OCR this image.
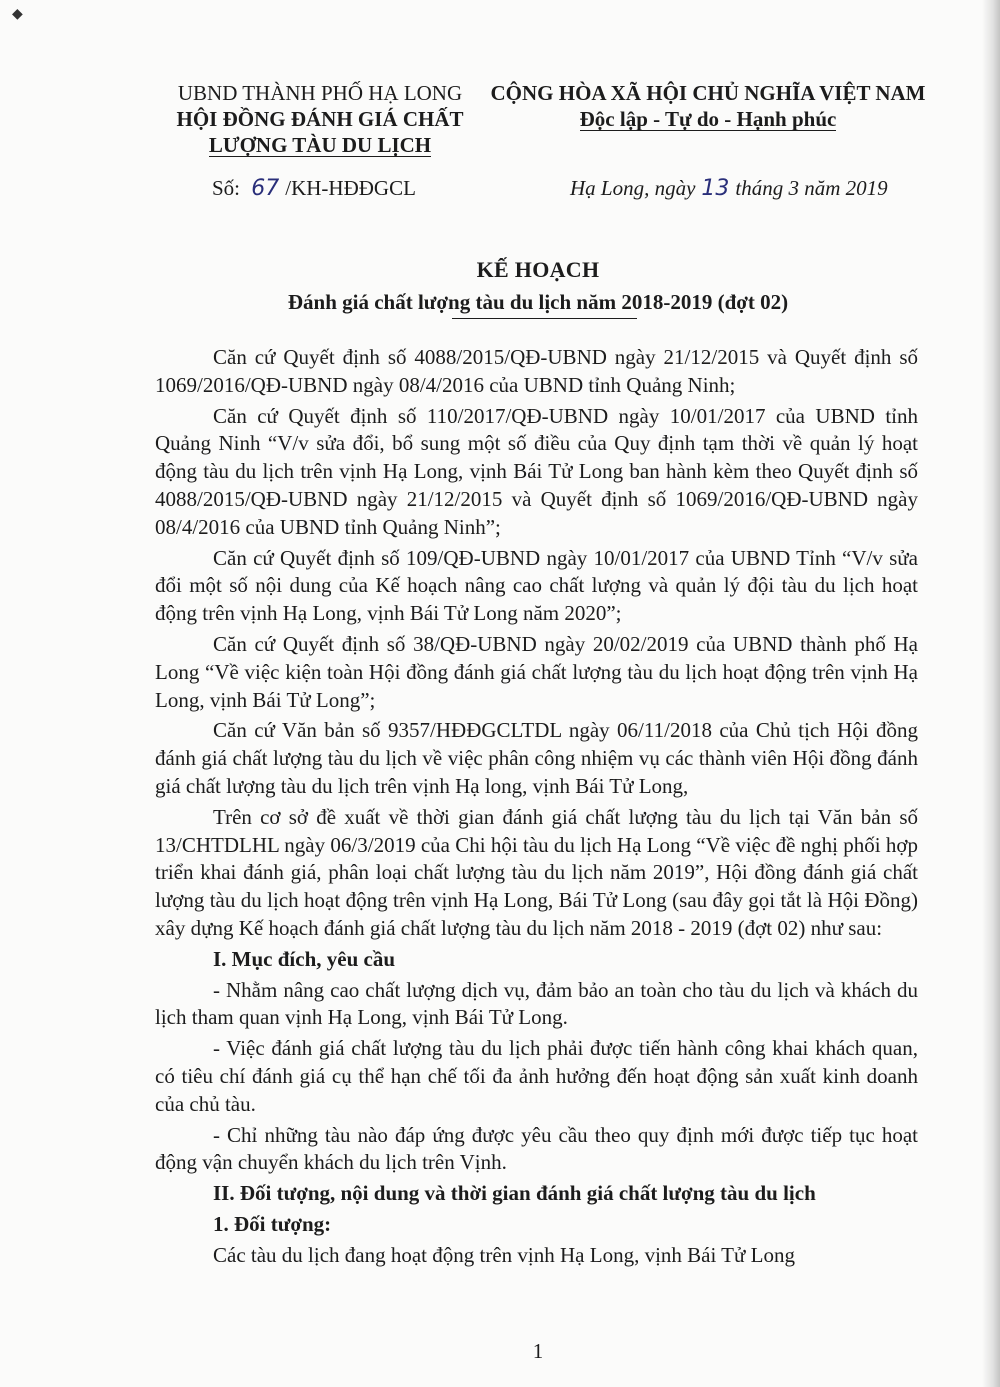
◆
UBND THÀNH PHỐ HẠ LONG
HỘI ĐỒNG ĐÁNH GIÁ CHẤT
LƯỢNG TÀU DU LỊCH
CỘNG HÒA XÃ HỘI CHỦ NGHĨA VIỆT NAM
Độc lập - Tự do - Hạnh phúc
Số: 67 /KH-HĐĐGCL	Hạ Long, ngày 13 tháng 3 năm 2019
KẾ HOẠCH
Đánh giá chất lượng tàu du lịch năm 2018-2019 (đợt 02)

Căn cứ Quyết định số 4088/2015/QĐ-UBND ngày 21/12/2015 và Quyết định số 1069/2016/QĐ-UBND ngày 08/4/2016 của UBND tỉnh Quảng Ninh;

Căn cứ Quyết định số 110/2017/QĐ-UBND ngày 10/01/2017 của UBND tỉnh Quảng Ninh “V/v sửa đổi, bổ sung một số điều của Quy định tạm thời về quản lý hoạt động tàu du lịch trên vịnh Hạ Long, vịnh Bái Tử Long ban hành kèm theo Quyết định số 4088/2015/QĐ-UBND ngày 21/12/2015 và Quyết định số 1069/2016/QĐ-UBND ngày 08/4/2016 của UBND tỉnh Quảng Ninh”;

Căn cứ Quyết định số 109/QĐ-UBND ngày 10/01/2017 của UBND Tỉnh “V/v sửa đổi một số nội dung của Kế hoạch nâng cao chất lượng và quản lý đội tàu du lịch hoạt động trên vịnh Hạ Long, vịnh Bái Tử Long năm 2020”;

Căn cứ Quyết định số 38/QĐ-UBND ngày 20/02/2019 của UBND thành phố Hạ Long “Về việc kiện toàn Hội đồng đánh giá chất lượng tàu du lịch hoạt động trên vịnh Hạ Long, vịnh Bái Tử Long”;

Căn cứ Văn bản số 9357/HĐĐGCLTDL ngày 06/11/2018 của Chủ tịch Hội đồng đánh giá chất lượng tàu du lịch về việc phân công nhiệm vụ các thành viên Hội đồng đánh giá chất lượng tàu du lịch trên vịnh Hạ long, vịnh Bái Tử Long,

Trên cơ sở đề xuất về thời gian đánh giá chất lượng tàu du lịch tại Văn bản số 13/CHTDLHL ngày 06/3/2019 của Chi hội tàu du lịch Hạ Long “Về việc đề nghị phối hợp triển khai đánh giá, phân loại chất lượng tàu du lịch năm 2019”, Hội đồng đánh giá chất lượng tàu du lịch hoạt động trên vịnh Hạ Long, Bái Tử Long (sau đây gọi tắt là Hội Đồng) xây dựng Kế hoạch đánh giá chất lượng tàu du lịch năm 2018 - 2019 (đợt 02) như sau:

I. Mục đích, yêu cầu

- Nhằm nâng cao chất lượng dịch vụ, đảm bảo an toàn cho tàu du lịch và khách du lịch tham quan vịnh Hạ Long, vịnh Bái Tử Long.

- Việc đánh giá chất lượng tàu du lịch phải được tiến hành công khai khách quan, có tiêu chí đánh giá cụ thể hạn chế tối đa ảnh hưởng đến hoạt động sản xuất kinh doanh của chủ tàu.

- Chỉ những tàu nào đáp ứng được yêu cầu theo quy định mới được tiếp tục hoạt động vận chuyển khách du lịch trên Vịnh.

II. Đối tượng, nội dung và thời gian đánh giá chất lượng tàu du lịch
1. Đối tượng:

Các tàu du lịch đang hoạt động trên vịnh Hạ Long, vịnh Bái Tử Long

1
